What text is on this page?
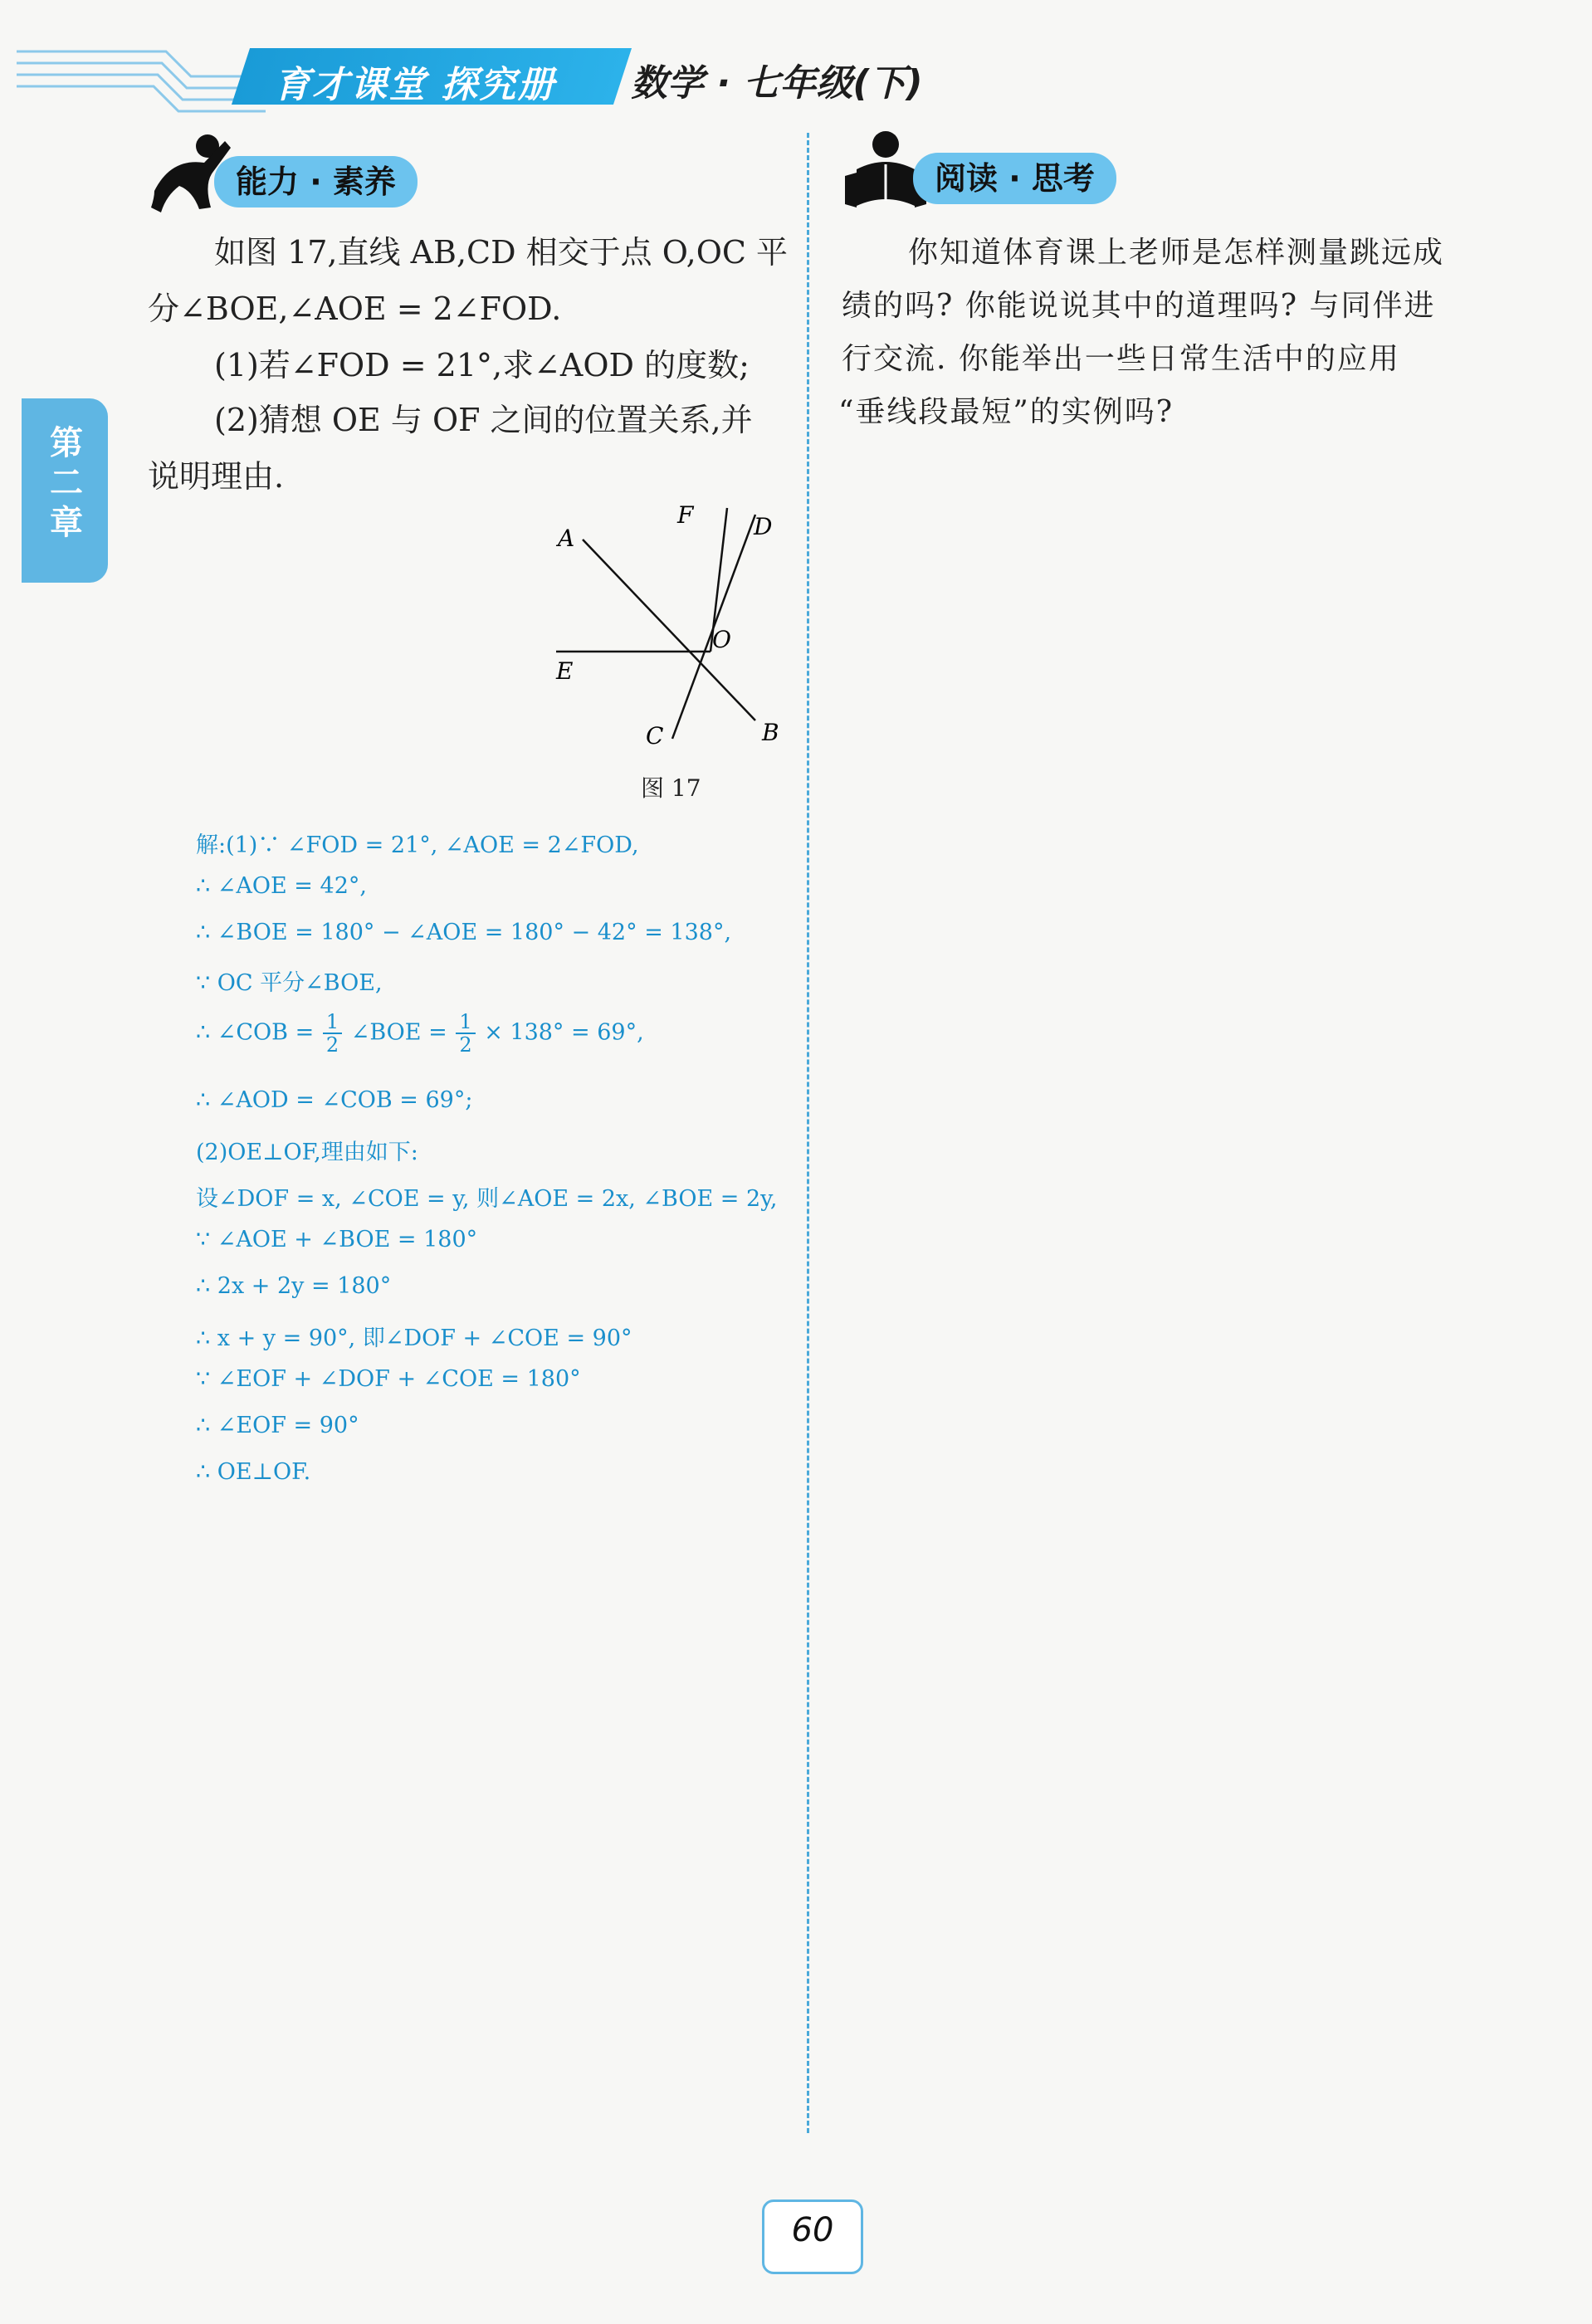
育才课堂 探究册 数学 · 七年级(下)
第二章
能力 · 素养	阅读 · 思考
如图 17,直线 AB,CD 相交于点 O,OC 平
分∠BOE,∠AOE = 2∠FOD.
(1)若∠FOD = 21°,求∠AOD 的度数;
(2)猜想 OE 与 OF 之间的位置关系,并
说明理由.
A
B
C
D
E
F
O
图 17
解:(1)∵ ∠FOD = 21°, ∠AOE = 2∠FOD,
∴ ∠AOE = 42°,
∴ ∠BOE = 180° − ∠AOE = 180° − 42° = 138°,
∵ OC 平分∠BOE,
∴ ∠COB = $\frac{1}{2}$ ∠BOE = $\frac{1}{2} \times 138^\circ = 69^\circ$,
∴ ∠AOD = ∠COB = 69°;
(2)OE⊥OF,理由如下:
设∠DOF = x, ∠COE = y, 则∠AOE = 2x, ∠BOE = 2y,
∵ ∠AOE + ∠BOE = 180°
∴ 2x + 2y = 180°
∴ x + y = 90°, 即∠DOF + ∠COE = 90°
∵ ∠EOF + ∠DOF + ∠COE = 180°
∴ ∠EOF = 90°
∴ OE⊥OF.
你知道体育课上老师是怎样测量跳远成
绩的吗? 你能说说其中的道理吗? 与同伴进
行交流. 你能举出一些日常生活中的应用
“垂线段最短”的实例吗?
60
